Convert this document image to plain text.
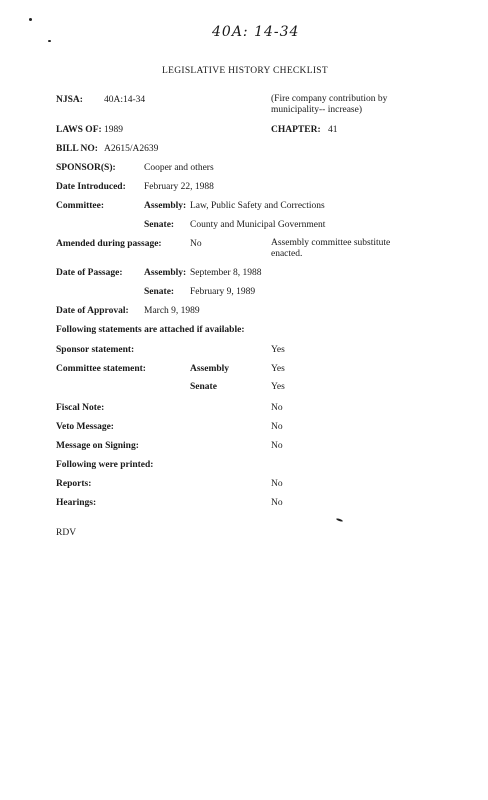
40A: 14-34
LEGISLATIVE HISTORY CHECKLIST
NJSA: 40A:14-34	(Fire company contribution by municipality-- increase)
LAWS OF: 1989	CHAPTER: 41
BILL NO: A2615/A2639
SPONSOR(S):	Cooper and others
Date Introduced: February 22, 1988
Committee:	Assembly: Law, Public Safety and Corrections
Senate: County and Municipal Government
Amended during passage:	No	Assembly committee substitute enacted.
Date of Passage: Assembly: September 8, 1988
Senate: February 9, 1989
Date of Approval: March 9, 1989
Following statements are attached if available:
Sponsor statement:	Yes
Committee statement:	Assembly	Yes
Senate	Yes
Fiscal Note:	No
Veto Message:	No
Message on Signing:	No
Following were printed:
Reports:	No
Hearings:	No
RDV
